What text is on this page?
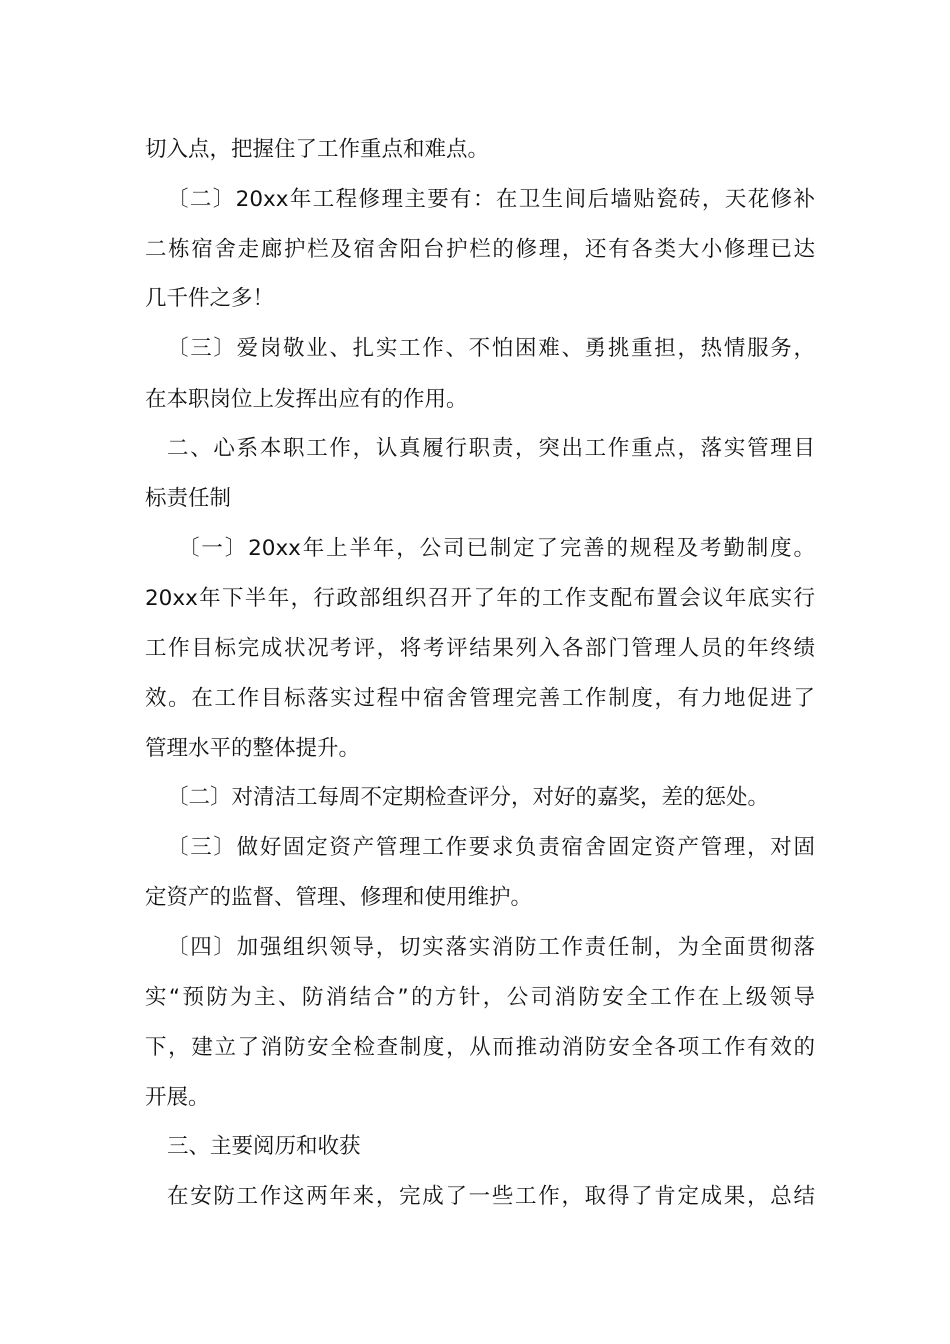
切入点，把握住了工作重点和难点。
〔二〕20xx年工程修理主要有：在卫生间后墙贴瓷砖，天花修补
二栋宿舍走廊护栏及宿舍阳台护栏的修理，还有各类大小修理已达
几千件之多！
〔三〕爱岗敬业、扎实工作、不怕困难、勇挑重担，热情服务，
在本职岗位上发挥出应有的作用。
二、心系本职工作，认真履行职责，突出工作重点，落实管理目
标责任制
〔一〕20xx年上半年，公司已制定了完善的规程及考勤制度。
20xx年下半年，行政部组织召开了年的工作支配布置会议年底实行
工作目标完成状况考评，将考评结果列入各部门管理人员的年终绩
效。在工作目标落实过程中宿舍管理完善工作制度，有力地促进了
管理水平的整体提升。
〔二〕对清洁工每周不定期检查评分，对好的嘉奖，差的惩处。
〔三〕做好固定资产管理工作要求负责宿舍固定资产管理，对固
定资产的监督、管理、修理和使用维护。
〔四〕加强组织领导，切实落实消防工作责任制，为全面贯彻落
实“预防为主、防消结合”的方针，公司消防安全工作在上级领导
下，建立了消防安全检查制度，从而推动消防安全各项工作有效的
开展。
三、主要阅历和收获
在安防工作这两年来，完成了一些工作，取得了肯定成果，总结
